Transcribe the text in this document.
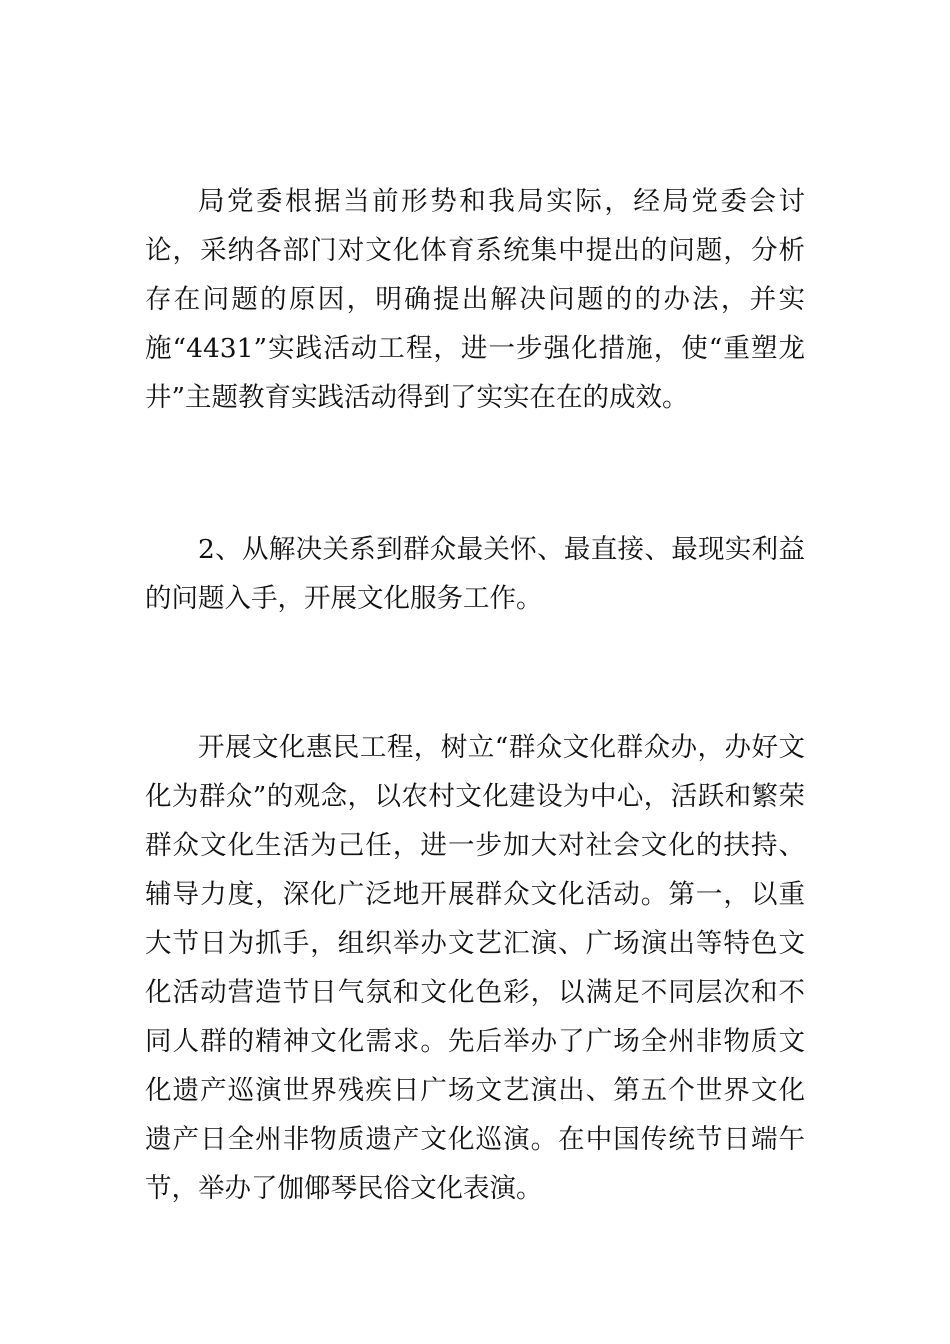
局党委根据当前形势和我局实际，经局党委会讨论，采纳各部门对文化体育系统集中提出的问题，分析存在问题的原因，明确提出解决问题的的办法，并实施“4431”实践活动工程，进一步强化措施，使“重塑龙井”主题教育实践活动得到了实实在在的成效。

2、从解决关系到群众最关怀、最直接、最现实利益的问题入手，开展文化服务工作。

开展文化惠民工程，树立“群众文化群众办，办好文化为群众”的观念，以农村文化建设为中心，活跃和繁荣群众文化生活为己任，进一步加大对社会文化的扶持、辅导力度，深化广泛地开展群众文化活动。第一，以重大节日为抓手，组织举办文艺汇演、广场演出等特色文化活动营造节日气氛和文化色彩，以满足不同层次和不同人群的精神文化需求。先后举办了广场全州非物质文化遗产巡演世界残疾日广场文艺演出、第五个世界文化遗产日全州非物质遗产文化巡演。在中国传统节日端午节，举办了伽倻琴民俗文化表演。
